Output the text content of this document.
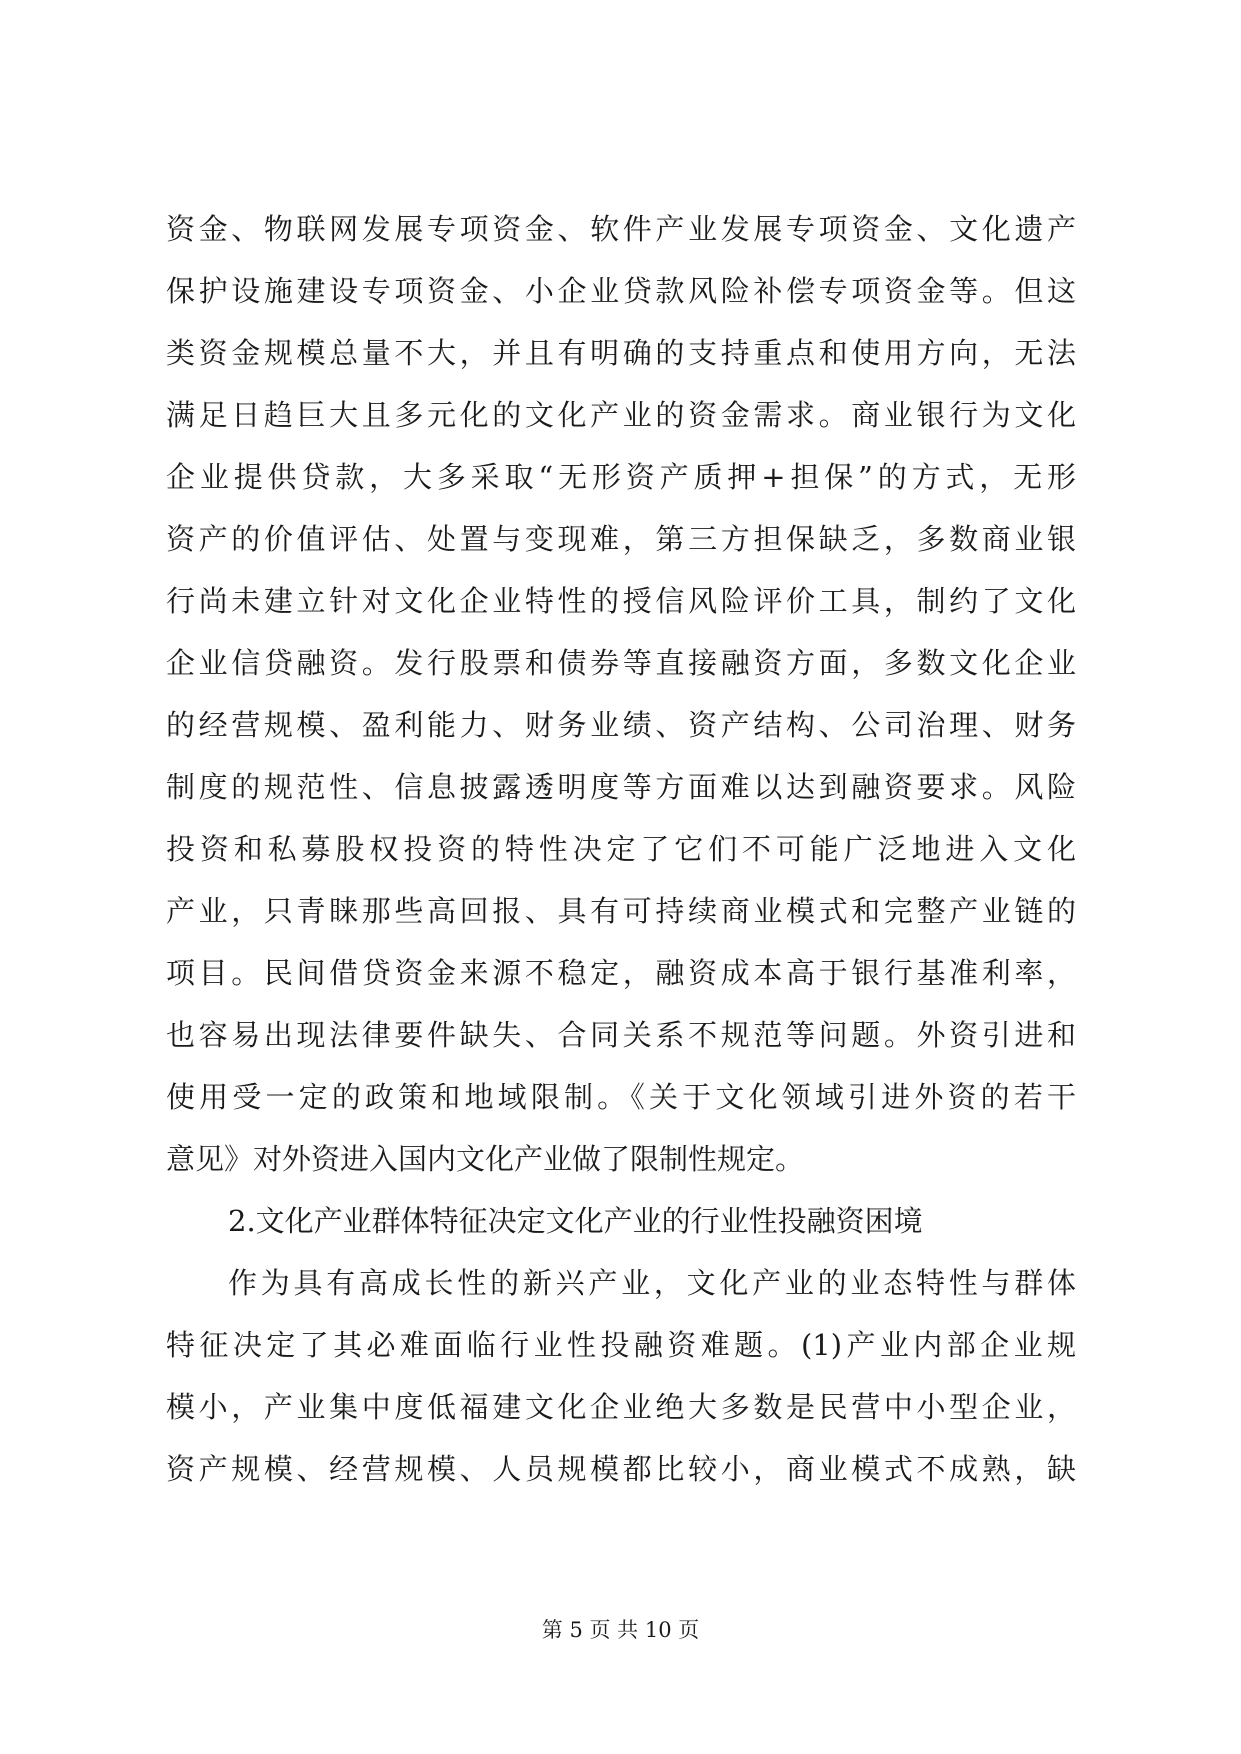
资金、物联网发展专项资金、软件产业发展专项资金、文化遗产
保护设施建设专项资金、小企业贷款风险补偿专项资金等。但这
类资金规模总量不大，并且有明确的支持重点和使用方向，无法
满足日趋巨大且多元化的文化产业的资金需求。商业银行为文化
企业提供贷款，大多采取“无形资产质押+担保”的方式，无形
资产的价值评估、处置与变现难，第三方担保缺乏，多数商业银
行尚未建立针对文化企业特性的授信风险评价工具，制约了文化
企业信贷融资。发行股票和债券等直接融资方面，多数文化企业
的经营规模、盈利能力、财务业绩、资产结构、公司治理、财务
制度的规范性、信息披露透明度等方面难以达到融资要求。风险
投资和私募股权投资的特性决定了它们不可能广泛地进入文化
产业，只青睐那些高回报、具有可持续商业模式和完整产业链的
项目。民间借贷资金来源不稳定，融资成本高于银行基准利率，
也容易出现法律要件缺失、合同关系不规范等问题。外资引进和
使用受一定的政策和地域限制。《关于文化领域引进外资的若干
意见》对外资进入国内文化产业做了限制性规定。
2.文化产业群体特征决定文化产业的行业性投融资困境
作为具有高成长性的新兴产业，文化产业的业态特性与群体
特征决定了其必难面临行业性投融资难题。(1)产业内部企业规
模小，产业集中度低福建文化企业绝大多数是民营中小型企业，
资产规模、经营规模、人员规模都比较小，商业模式不成熟，缺
第 5 页 共 10 页
